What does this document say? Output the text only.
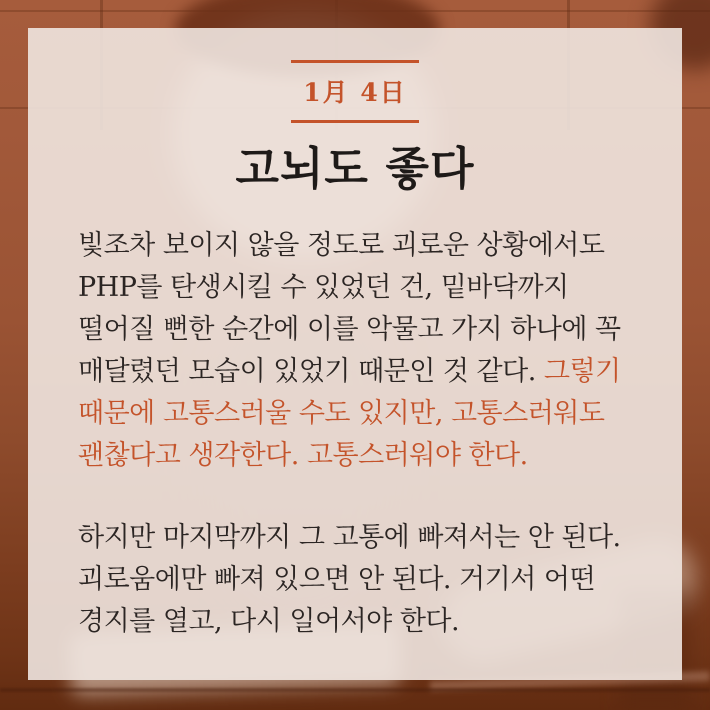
1月 4日
고뇌도 좋다

빛조차 보이지 않을 정도로 괴로운 상황에서도 PHP를 탄생시킬 수 있었던 건, 밑바닥까지 떨어질 뻔한 순간에 이를 악물고 가지 하나에 꼭 매달렸던 모습이 있었기 때문인 것 같다. 그렇기 때문에 고통스러울 수도 있지만, 고통스러워도 괜찮다고 생각한다. 고통스러워야 한다.

하지만 마지막까지 그 고통에 빠져서는 안 된다. 괴로움에만 빠져 있으면 안 된다. 거기서 어떤 경지를 열고, 다시 일어서야 한다.
